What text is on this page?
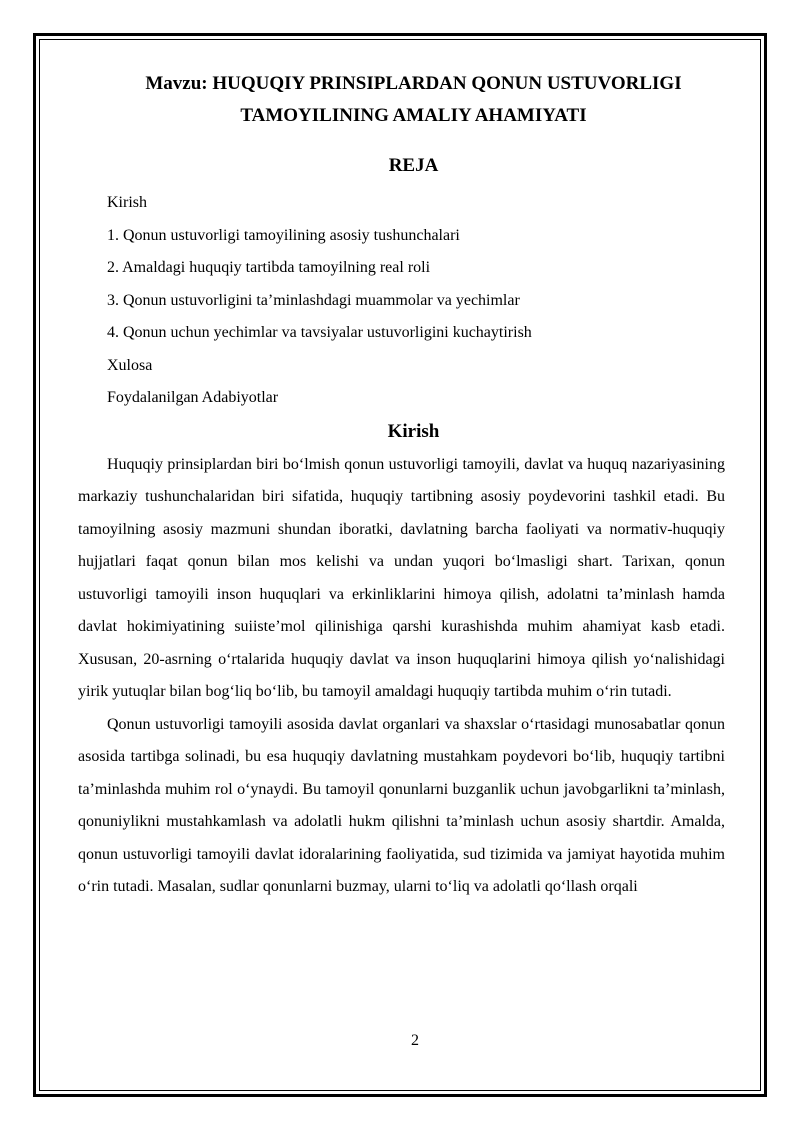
Mavzu: HUQUQIY PRINSIPLARDAN QONUN USTUVORLIGI
TAMOYILINING AMALIY AHAMIYATI
REJA
Kirish
1. Qonun ustuvorligi tamoyilining asosiy tushunchalari
2. Amaldagi huquqiy tartibda tamoyilning real roli
3. Qonun ustuvorligini ta’minlashdagi muammolar va yechimlar
4. Qonun uchun yechimlar va tavsiyalar ustuvorligini kuchaytirish
Xulosa
Foydalanilgan Adabiyotlar
Kirish

Huquqiy prinsiplardan biri bo‘lmish qonun ustuvorligi tamoyili, davlat va huquq nazariyasining markaziy tushunchalaridan biri sifatida, huquqiy tartibning asosiy poydevorini tashkil etadi. Bu tamoyilning asosiy mazmuni shundan iboratki, davlatning barcha faoliyati va normativ-huquqiy hujjatlari faqat qonun bilan mos kelishi va undan yuqori bo‘lmasligi shart. Tarixan, qonun ustuvorligi tamoyili inson huquqlari va erkinliklarini himoya qilish, adolatni ta’minlash hamda davlat hokimiyatining suiiste’mol qilinishiga qarshi kurashishda muhim ahamiyat kasb etadi. Xususan, 20-asrning o‘rtalarida huquqiy davlat va inson huquqlarini himoya qilish yo‘nalishidagi yirik yutuqlar bilan bog‘liq bo‘lib, bu tamoyil amaldagi huquqiy tartibda muhim o‘rin tutadi.

Qonun ustuvorligi tamoyili asosida davlat organlari va shaxslar o‘rtasidagi munosabatlar qonun asosida tartibga solinadi, bu esa huquqiy davlatning mustahkam poydevori bo‘lib, huquqiy tartibni ta’minlashda muhim rol o‘ynaydi. Bu tamoyil qonunlarni buzganlik uchun javobgarlikni ta’minlash, qonuniylikni mustahkamlash va adolatli hukm qilishni ta’minlash uchun asosiy shartdir. Amalda, qonun ustuvorligi tamoyili davlat idoralarining faoliyatida, sud tizimida va jamiyat hayotida muhim o‘rin tutadi. Masalan, sudlar qonunlarni buzmay, ularni to‘liq va adolatli qo‘llash orqali

2
